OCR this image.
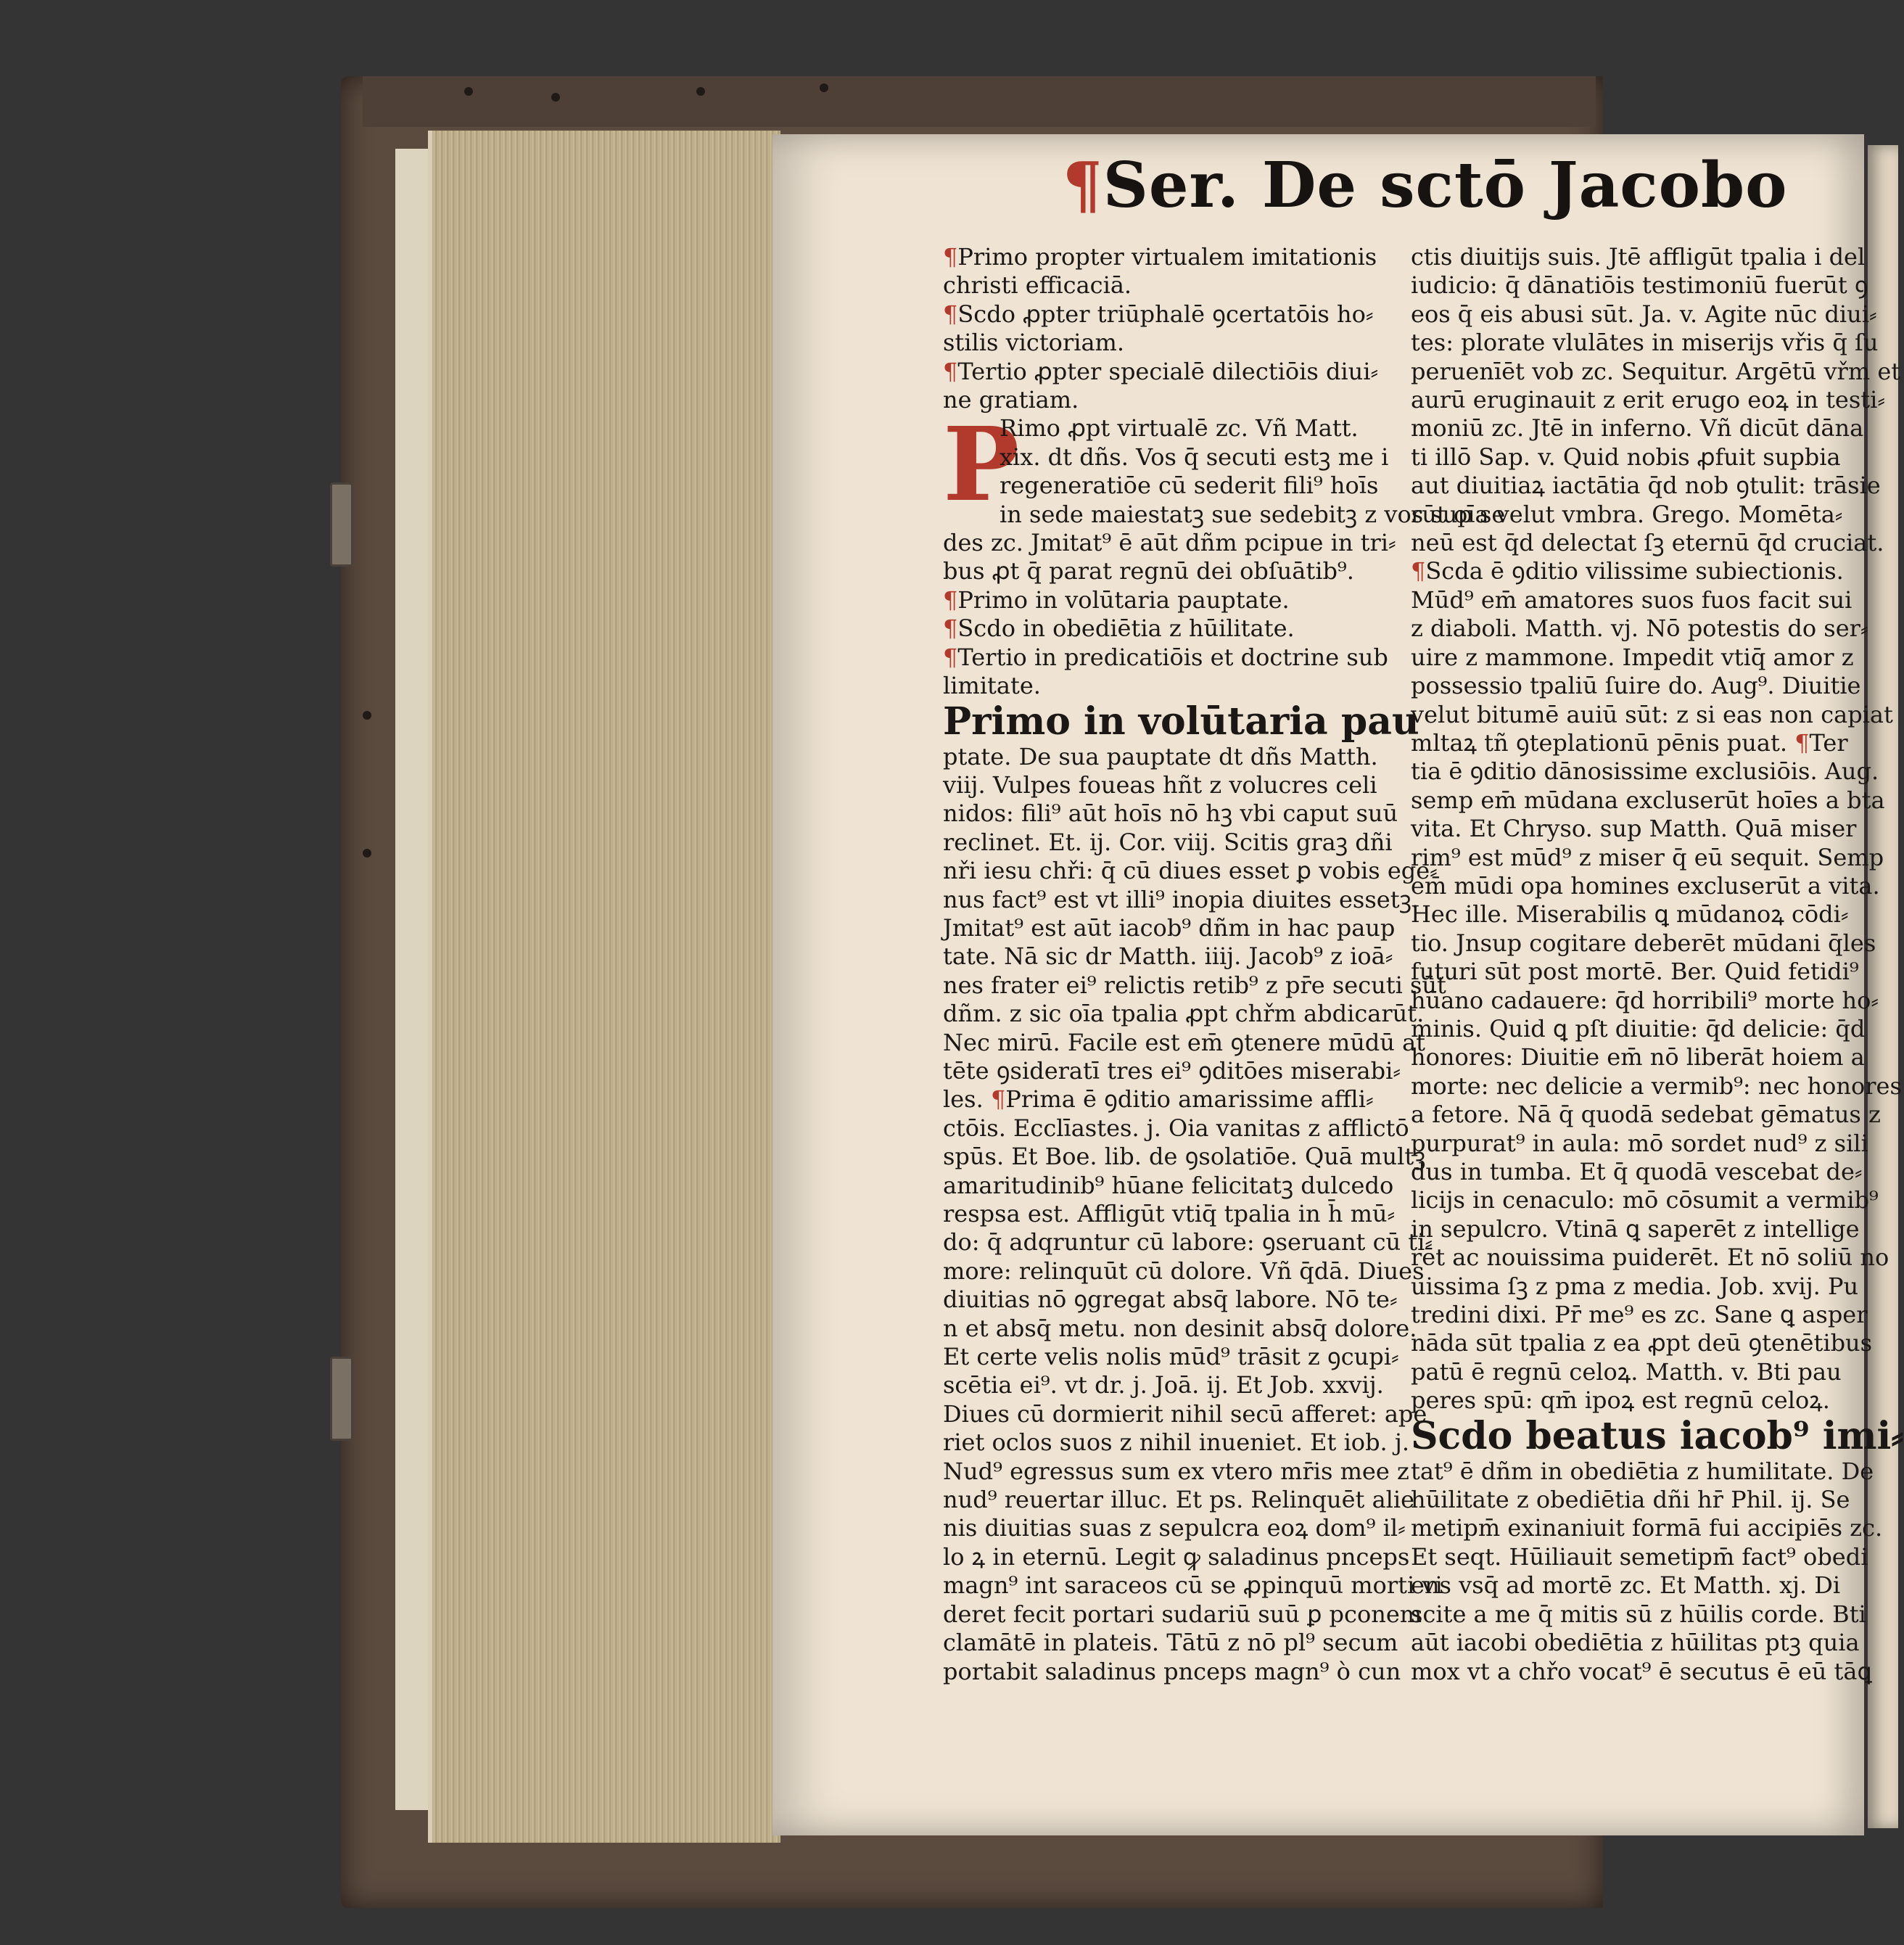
¶Ser. De sctō Jacobo
¶Primo propter virtualem imitationis
christi efficaciā.
¶Scdo ꝓpter triūphalē ꝯcertatōis ho⸗
stilis victoriam.
¶Tertio ꝓpter specialē dilectiōis diui⸗
ne gratiam.
P
Rimo ꝓpt virtualē zc. Vñ Matt.
xix. dt dñs. Vos q̄ secuti estꝫ me i
regeneratiōe cū sederit fili⁹ hoīs
in sede maiestatꝫ sue sedebitꝫ z vos sup se
des zc. Jmitat⁹ ē aūt dñm pcipue in tri⸗
bus ꝓt q̄ parat regnū dei obſuātib⁹.
¶Primo in volūtaria pauptate.
¶Scdo in obediētia z hūilitate.
¶Tertio in predicatiōis et doctrine sub
limitate.
Primo in volūtaria pau
ptate. De sua pauptate dt dñs Matth.
viij. Vulpes foueas hñt z volucres celi
nidos: fili⁹ aūt hoīs nō hꝫ vbi caput suū
reclinet. Et. ij. Cor. viij. Scitis graꝫ dñi
nři iesu chři: q̄ cū diues esset ꝑ vobis ege⸗
nus fact⁹ est vt illi⁹ inopia diuites essetꝫ.
Jmitat⁹ est aūt iacob⁹ dñm in hac paup
tate. Nā sic dr Matth. iiij. Jacob⁹ z ioā⸗
nes frater ei⁹ relictis retib⁹ z pr̄e secuti sūt
dñm. z sic oīa tpalia ꝓpt chřm abdicarūt.
Nec mirū. Facile est em̄ ꝯtenere mūdū at
tēte ꝯsideratī tres ei⁹ ꝯditōes miserabi⸗
les. ¶Prima ē ꝯditio amarissime affli⸗
ctōis. Ecclīastes. j. Oia vanitas z afflictō
spūs. Et Boe. lib. de ꝯsolatiōe. Quā multꝫ
amaritudinib⁹ hūane felicitatꝫ dulcedo
respsa est. Affligūt vtiq̄ tpalia in h̄ mū⸗
do: q̄ adqruntur cū labore: ꝯseruant cū ti⸗
more: relinquūt cū dolore. Vñ q̄dā. Diues
diuitias nō ꝯgregat absq̄ labore. Nō te⸗
n et absq̄ metu. non desinit absq̄ dolore.
Et certe velis nolis mūd⁹ trāsit z ꝯcupi⸗
scētia ei⁹. vt dr. j. Joā. ij. Et Job. xxvij.
Diues cū dormierit nihil secū afferet: ape
riet oclos suos z nihil inueniet. Et iob. j.
Nud⁹ egressus sum ex vtero mr̄is mee z
nud⁹ reuertar illuc. Et ps. Relinquēt alie
nis diuitias suas z sepulcra eoꝝ dom⁹ il⸗
lo ꝝ in eternū. Legit ꝙ saladinus pnceps
magn⁹ int saraceos cū se ꝓpinquū morti vi
deret fecit portari sudariū suū ꝑ pconem
clamātē in plateis. Tātū z nō pl⁹ secum
portabit saladinus pnceps magn⁹ ò cun
ctis diuitijs suis. Jtē affligūt tpalia i del
iudicio: q̄ dānatiōis testimoniū fuerūt ꝯ
eos q̄ eis abusi sūt. Ja. v. Agite nūc diui⸗
tes: plorate vlulātes in miserijs vřis q̄ ſu
peruenīēt vob zc. Sequitur. Argētū vřm et
aurū eruginauit z erit erugo eoꝝ in testi⸗
moniū zc. Jtē in inferno. Vñ dicūt dāna
ti illō Sap. v. Quid nobis ꝓfuit supbia
aut diuitiaꝝ iactātia q̄d nob ꝯtulit: trāsie
rūt oīa velut vmbra. Grego. Momēta⸗
neū est q̄d delectat ſꝫ eternū q̄d cruciat.
¶Scda ē ꝯditio vilissime subiectionis.
Mūd⁹ em̄ amatores suos fuos facit sui
z diaboli. Matth. vj. Nō potestis do ser⸗
uire z mammone. Impedit vtiq̄ amor z
possessio tpaliū ſuire do. Aug⁹. Diuitie
velut bitumē auiū sūt: z si eas non capiat
mltaꝝ tñ ꝯteplationū pēnis puat. ¶Ter
tia ē ꝯditio dānosissime exclusiōis. Aug.
semp em̄ mūdana excluserūt hoīes a bta
vita. Et Chryso. sup Matth. Quā miser
rim⁹ est mūd⁹ z miser q̄ eū sequit. Semp
em̄ mūdi opa homines excluserūt a vita.
Hec ille. Miserabilis ꝗ mūdanoꝝ cōdi⸗
tio. Jnsup cogitare deberēt mūdani q̄les
futuri sūt post mortē. Ber. Quid fetidi⁹
hūano cadauere: q̄d horribili⁹ morte ho⸗
minis. Quid ꝗ pſt diuitie: q̄d delicie: q̄d
honores: Diuitie em̄ nō liberāt hoiem a
morte: nec delicie a vermib⁹: nec honores
a fetore. Nā q̄ quodā sedebat gēmatus z
purpurat⁹ in aula: mō sordet nud⁹ z sili
dus in tumba. Et q̄ quodā vescebat de⸗
licijs in cenaculo: mō cōsumit a vermib⁹
in sepulcro. Vtinā ꝗ saperēt z intellige
rēt ac nouissima puiderēt. Et nō soliū no
uissima ſꝫ z pma z media. Job. xvij. Pu
tredini dixi. Pr̄ me⁹ es zc. Sane ꝗ asper
nāda sūt tpalia z ea ꝓpt deū ꝯtenētibus
patū ē regnū celoꝝ. Matth. v. Bti pau
peres spū: qm̄ ipoꝝ est regnū celoꝝ.
Scdo beatus iacob⁹ imi⸗
tat⁹ ē dñm in obediētia z humilitate. De
hūilitate z obediētia dñi hr̄ Phil. ij. Se
metipm̄ exinaniuit formā fui accipiēs zc.
Et seqt. Hūiliauit semetipm̄ fact⁹ obedi
ens vsq̄ ad mortē zc. Et Matth. xj. Di
scite a me q̄ mitis sū z hūilis corde. Bti
aūt iacobi obediētia z hūilitas ptꝫ quia
mox vt a chřo vocat⁹ ē secutus ē eū tāꝗ
